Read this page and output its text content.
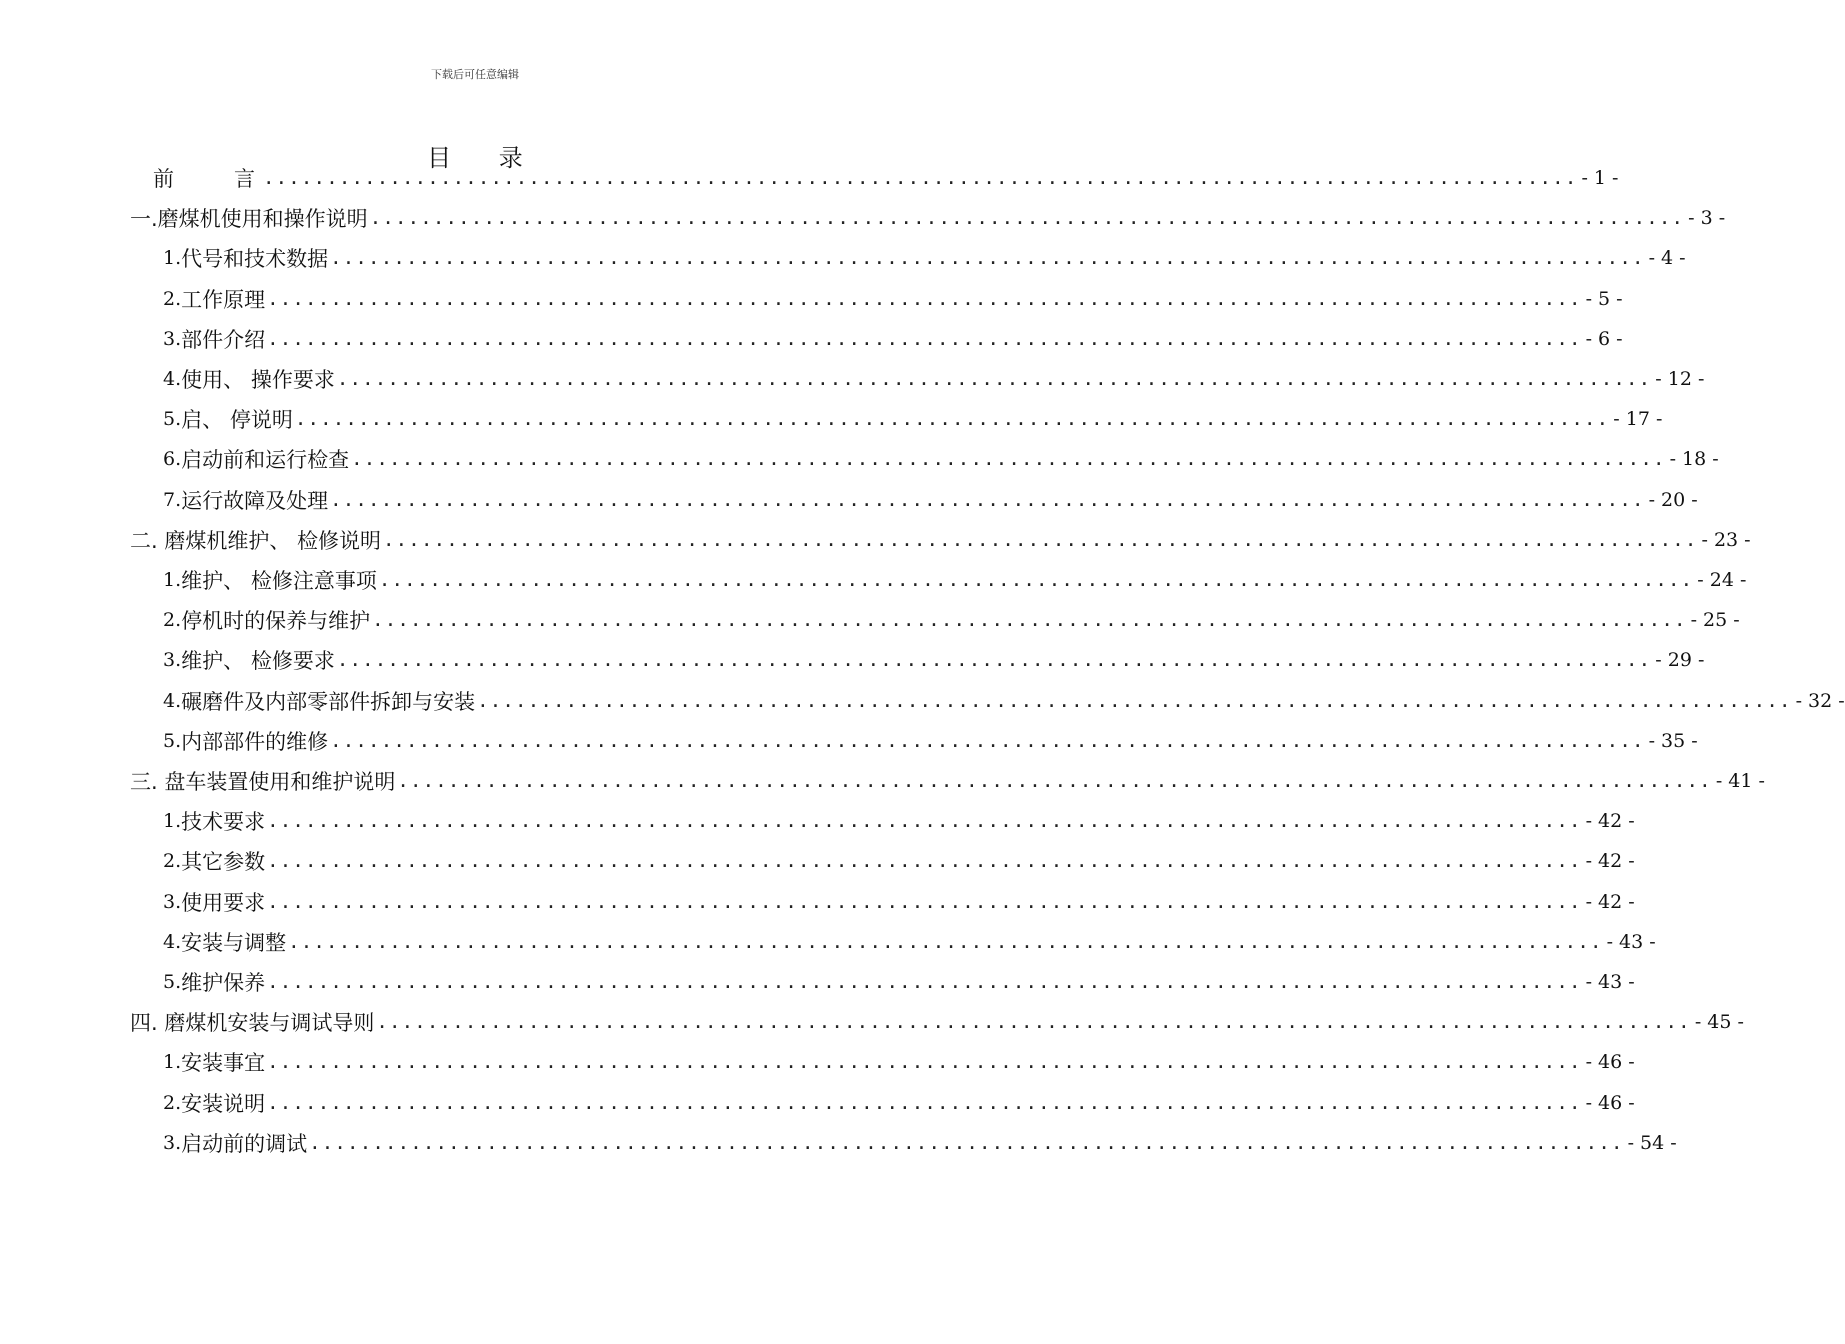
下载后可任意编辑
目 录
前　　言 ........................................................................................................ - 1 -
一.磨煤机使用和操作说明 ........................................................................................................ - 3 -
1. 代号和技术数据 ........................................................................................................ - 4 -
2. 工作原理 ........................................................................................................ - 5 -
3. 部件介绍 ........................................................................................................ - 6 -
4. 使用、 操作要求 ........................................................................................................ - 12 -
5. 启、 停说明 ........................................................................................................ - 17 -
6. 启动前和运行检查 ........................................................................................................ - 18 -
7. 运行故障及处理 ........................................................................................................ - 20 -
二. 磨煤机维护、 检修说明 ........................................................................................................ - 23 -
1. 维护、 检修注意事项 ........................................................................................................ - 24 -
2. 停机时的保养与维护 ........................................................................................................ - 25 -
3. 维护、 检修要求 ........................................................................................................ - 29 -
4. 碾磨件及内部零部件拆卸与安装 ........................................................................................................ - 32 -
5. 内部部件的维修 ........................................................................................................ - 35 -
三. 盘车装置使用和维护说明 ........................................................................................................ - 41 -
1. 技术要求 ........................................................................................................ - 42 -
2. 其它参数 ........................................................................................................ - 42 -
3. 使用要求 ........................................................................................................ - 42 -
4. 安装与调整 ........................................................................................................ - 43 -
5. 维护保养 ........................................................................................................ - 43 -
四. 磨煤机安装与调试导则 ........................................................................................................ - 45 -
1. 安装事宜 ........................................................................................................ - 46 -
2. 安装说明 ........................................................................................................ - 46 -
3. 启动前的调试 ........................................................................................................ - 54 -
